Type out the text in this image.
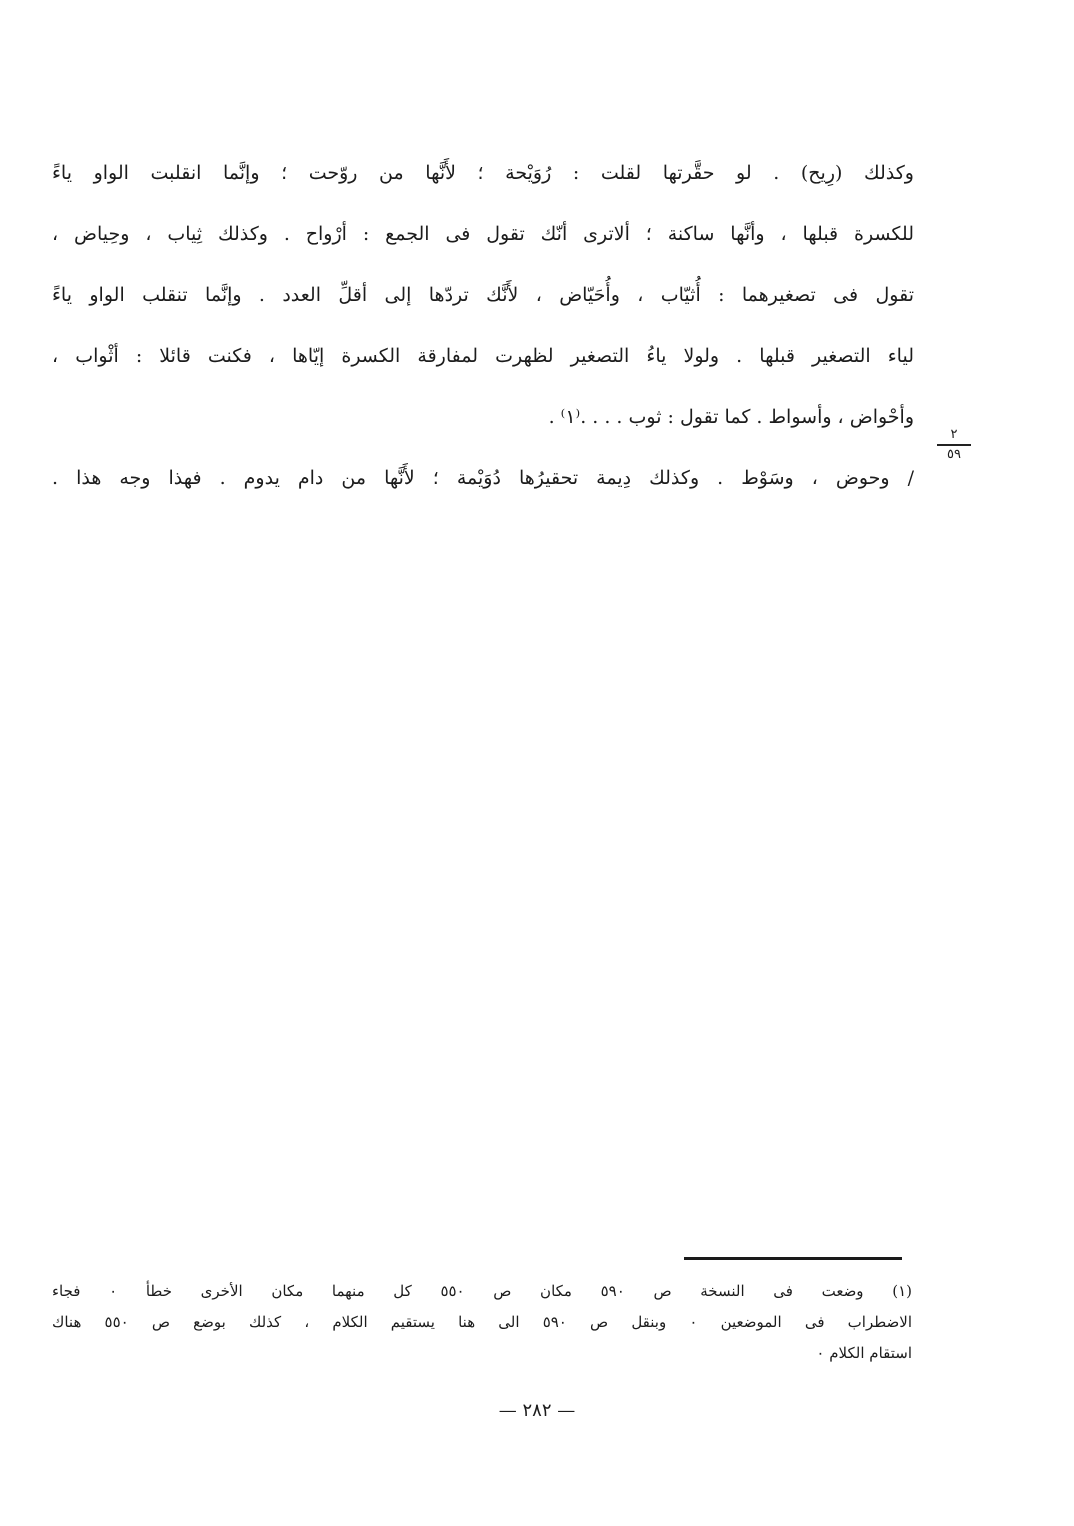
وكذلك (رِيح) . لو حقَّرتها لقلت : رُوَيْحة ؛ لأَنَّها من روّحت ؛ وإنَّما انقلبت الواو ياءً
للكسرة قبلها ، وأنَّها ساكنة ؛ ألاترى أنّك تقول فى الجمع : أرْواح . وكذلك ثِياب ، وحِياض ،
تقول فى تصغيرهما : أُثيّاب ، وأُحَيّاض ، لأَنَّك تردّها إلى أقلِّ العدد . وإنَّما تنقلب الواو ياءً
لياء التصغير قبلها . ولولا ياءُ التصغير لظهرت لمفارقة الكسرة إيّاها ، فكنت قائلا : أثْواب ،
وأحْواض ، وأسواط . كما تقول : ثوب . . . .⁽١⁾ .
/ وحوض ، وسَوْط . وكذلك دِيمة تحقيرُها دُوَيْمة ؛ لأَنَّها من دام يدوم . فهذا وجه هذا .
٢
٥٩
(١) وضعت فى النسخة ص ٥٩٠ مكان ص ٥٥٠ كل منهما مكان الأخرى خطأ ٠ فجاء
الاضطراب فى الموضعين ٠ وبنقل ص ٥٩٠ الى هنا يستقيم الكلام ، كذلك بوضع ص ٥٥٠ هناك
استقام الكلام ٠
— ٢٨٢ —
